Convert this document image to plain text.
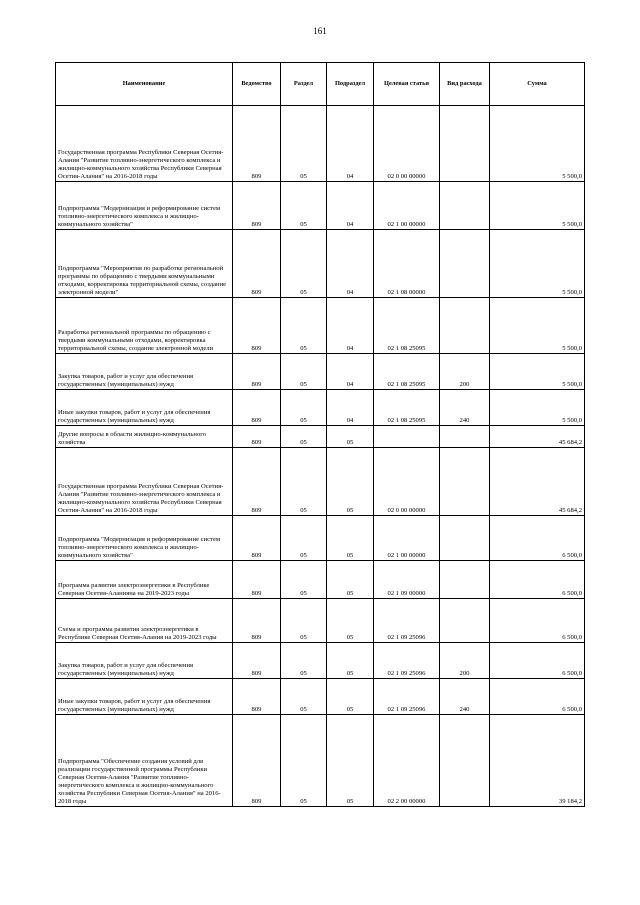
161
Наименование	Ведомство	Раздел	Подраздел	Целевая статья	Вид расхода	Сумма
Государственная программа Республики Северная Осетия-Алания "Развитие топливно-энергетического комплекса и жилищно-коммунального хозяйства Республики Северная Осетия-Алания" на 2016-2018 годы	809	05	04	02 0 00 00000		5 500,0
Подпрограмма "Модернизация и реформирование систем топливно-энергетического комплекса и жилищно-коммунального хозяйства"	809	05	04	02 1 00 00000		5 500,0
Подпрограмма "Мероприятия по разработке региональной программы по обращению с твердыми коммунальными отходами, корректировка территориальной схемы, создание электронной модели"	809	05	04	02 1 08 00000		5 500,0
Разработка региональной программы по обращению с твердыми коммунальными отходами, корректировка территориальной схемы, создание электронной модели	809	05	04	02 1 08 25095		5 500,0
Закупка товаров, работ и услуг для обеспечения государственных (муниципальных) нужд	809	05	04	02 1 08 25095	200	5 500,0
Иные закупки товаров, работ и услуг для обеспечения государственных (муниципальных) нужд	809	05	04	02 1 08 25095	240	5 500,0
Другие вопросы в области жилищно-коммунального хозяйства	809	05	05			45 684,2
Государственная программа Республики Северная Осетия-Алания "Развитие топливно-энергетического комплекса и жилищно-коммунального хозяйства Республики Северная Осетия-Алания" на 2016-2018 годы	809	05	05	02 0 00 00000		45 684,2
Подпрограмма "Модернизация и реформирование систем топливно-энергетического комплекса и жилищно-коммунального хозяйства"	809	05	05	02 1 00 00000		6 500,0
Программа развития электроэнергетики в Республике Северная Осетия-Аланияна на 2019-2023 годы	809	05	05	02 1 09 00000		6 500,0
Схема и программа развития электроэнергетики в Республике Северная Осетия-Алания на 2019-2023 годы	809	05	05	02 1 09 25096		6 500,0
Закупка товаров, работ и услуг для обеспечения государственных (муниципальных) нужд	809	05	05	02 1 09 25096	200	6 500,0
Иные закупки товаров, работ и услуг для обеспечения государственных (муниципальных) нужд	809	05	05	02 1 09 25096	240	6 500,0
Подпрограмма "Обеспечение создания условий для реализации государственной программы Республики Северная Осетия-Алания "Развитие топливно-энергетического комплекса и жилищно-коммунального хозяйства Республики Северная Осетия-Алания" на 2016-2018 годы	809	05	05	02 2 00 00000		39 184,2
